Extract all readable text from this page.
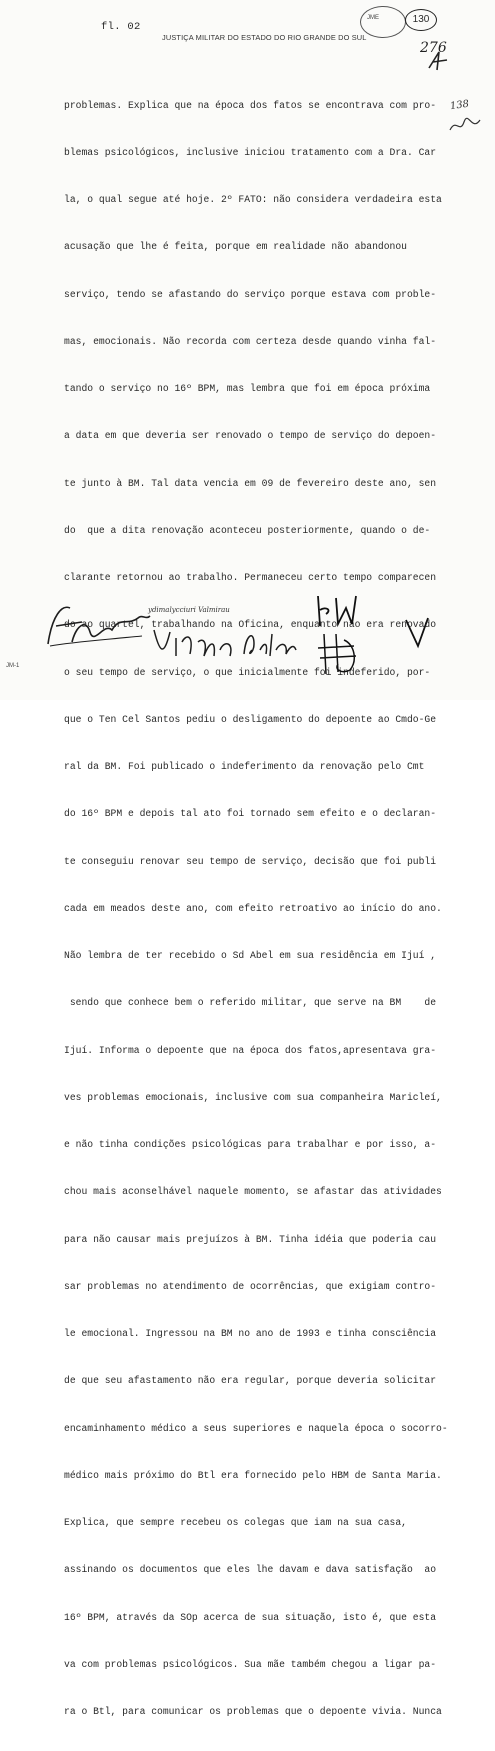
fl. 02
JUSTIÇA MILITAR DO ESTADO DO RIO GRANDE DO SUL
JME	130
276
138

problemas. Explica que na época dos fatos se encontrava com pro-

blemas psicológicos, inclusive iniciou tratamento com a Dra. Car

la, o qual segue até hoje. 2º FATO: não considera verdadeira esta

acusação que lhe é feita, porque em realidade não abandonou

serviço, tendo se afastando do serviço porque estava com proble-

mas, emocionais. Não recorda com certeza desde quando vinha fal-

tando o serviço no 16º BPM, mas lembra que foi em época próxima

a data em que deveria ser renovado o tempo de serviço do depoen-

te junto à BM. Tal data vencia em 09 de fevereiro deste ano, sen

do  que a dita renovação aconteceu posteriormente, quando o de-

clarante retornou ao trabalho. Permaneceu certo tempo comparecen

do ao quartel, trabalhando na Oficina, enquanto não era renovado

o seu tempo de serviço, o que inicialmente foi indeferido, por-

que o Ten Cel Santos pediu o desligamento do depoente ao Cmdo-Ge

ral da BM. Foi publicado o indeferimento da renovação pelo Cmt

do 16º BPM e depois tal ato foi tornado sem efeito e o declaran-

te conseguiu renovar seu tempo de serviço, decisão que foi publi

cada em meados deste ano, com efeito retroativo ao início do ano.

Não lembra de ter recebido o Sd Abel em sua residência em Ijuí ,

sendo que conhece bem o referido militar, que serve na BM    de

Ijuí. Informa o depoente que na época dos fatos,apresentava gra-

ves problemas emocionais, inclusive com sua companheira Maricleí,

e não tinha condições psicológicas para trabalhar e por isso, a-

chou mais aconselhável naquele momento, se afastar das atividades

para não causar mais prejuízos à BM. Tinha idéia que poderia cau

sar problemas no atendimento de ocorrências, que exigiam contro-

le emocional. Ingressou na BM no ano de 1993 e tinha consciência

de que seu afastamento não era regular, porque deveria solicitar

encaminhamento médico a seus superiores e naquela época o socorro-

médico mais próximo do Btl era fornecido pelo HBM de Santa Maria.

Explica, que sempre recebeu os colegas que iam na sua casa,

assinando os documentos que eles lhe davam e dava satisfação  ao

16º BPM, através da SOp acerca de sua situação, isto é, que esta

va com problemas psicológicos. Sua mãe também chegou a ligar pa-

ra o Btl, para comunicar os problemas que o depoente vivia. Nunca

ydimalycciuri Valmirau
JM-1
